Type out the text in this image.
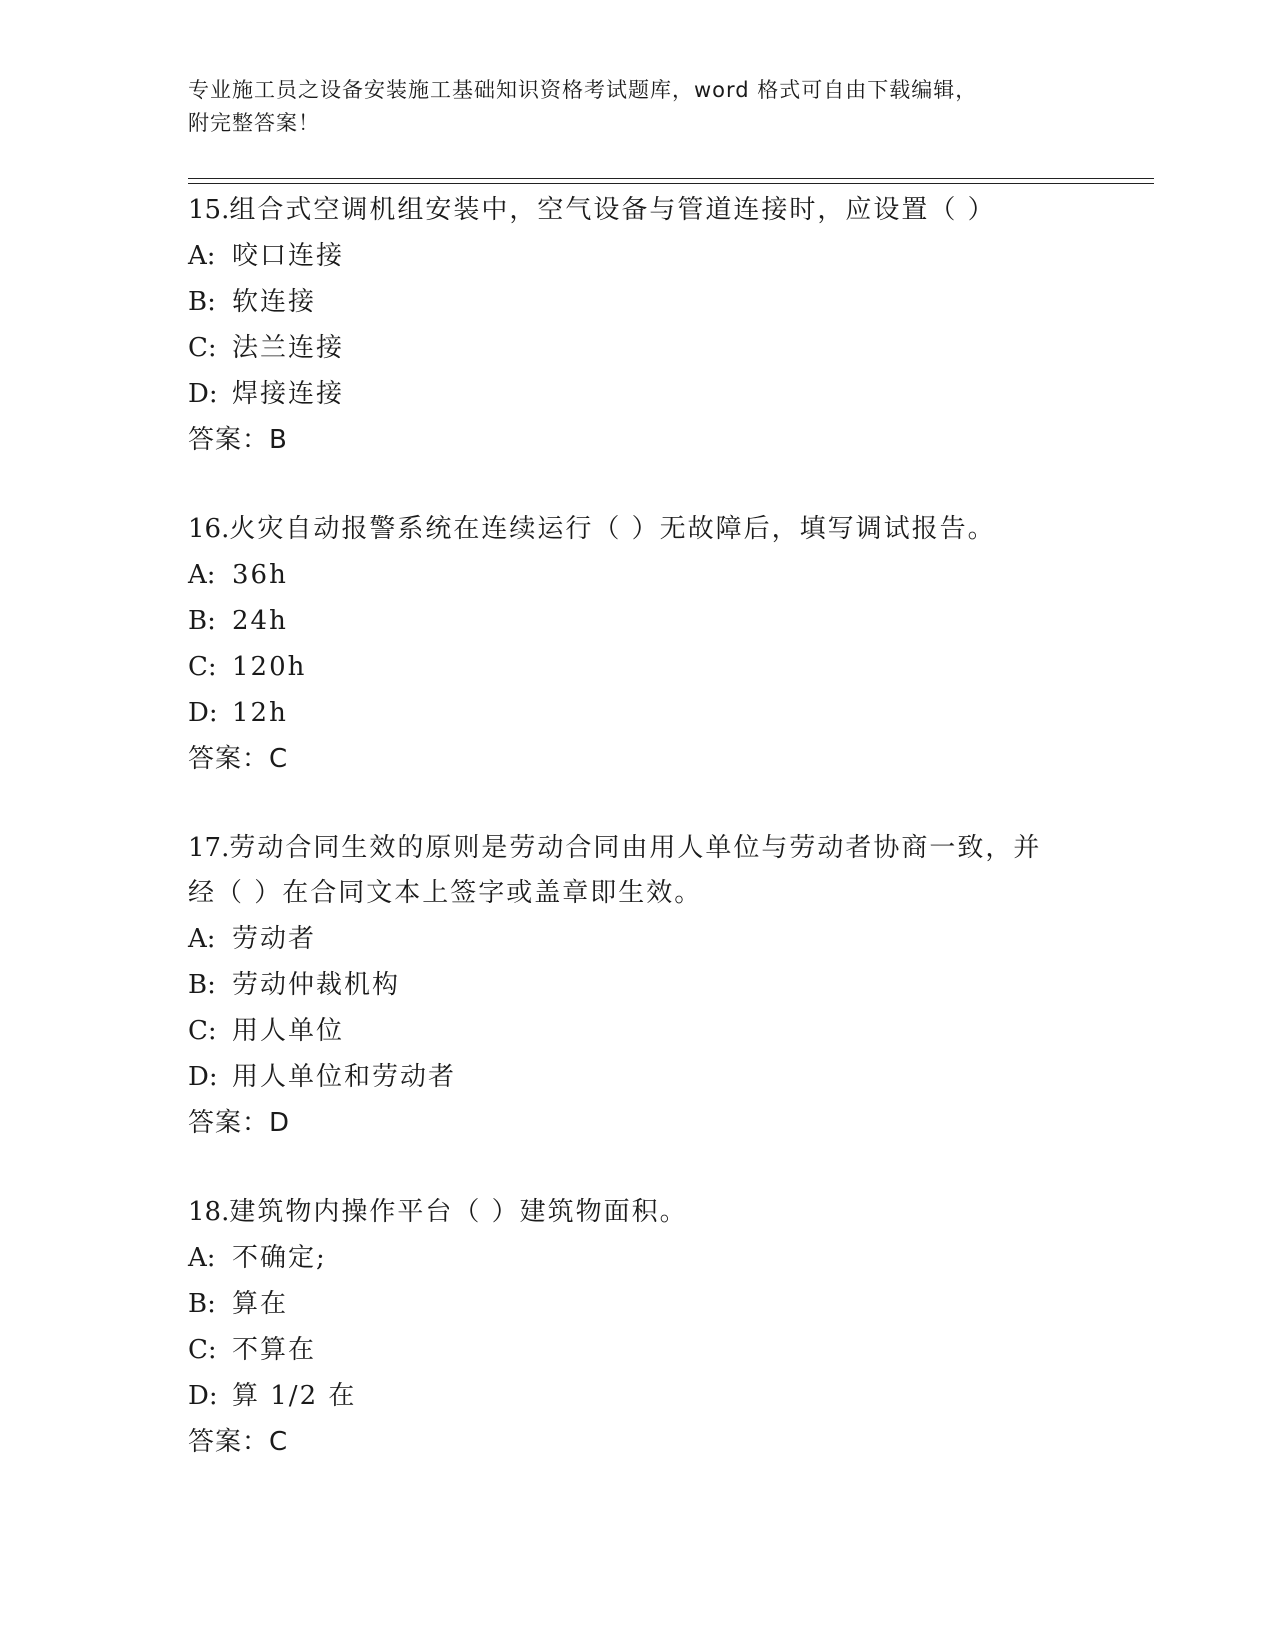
专业施工员之设备安装施工基础知识资格考试题库，word 格式可自由下载编辑，
附完整答案！
15.组合式空调机组安装中，空气设备与管道连接时，应设置（ ）
A: 咬口连接
B: 软连接
C: 法兰连接
D: 焊接连接
答案：B
16.火灾自动报警系统在连续运行（ ）无故障后，填写调试报告。
A: 36h
B: 24h
C: 120h
D: 12h
答案：C
17.劳动合同生效的原则是劳动合同由用人单位与劳动者协商一致，并
经（ ）在合同文本上签字或盖章即生效。
A: 劳动者
B: 劳动仲裁机构
C: 用人单位
D: 用人单位和劳动者
答案：D
18.建筑物内操作平台（ ）建筑物面积。
A: 不确定;
B: 算在
C: 不算在
D: 算 1/2 在
答案：C
